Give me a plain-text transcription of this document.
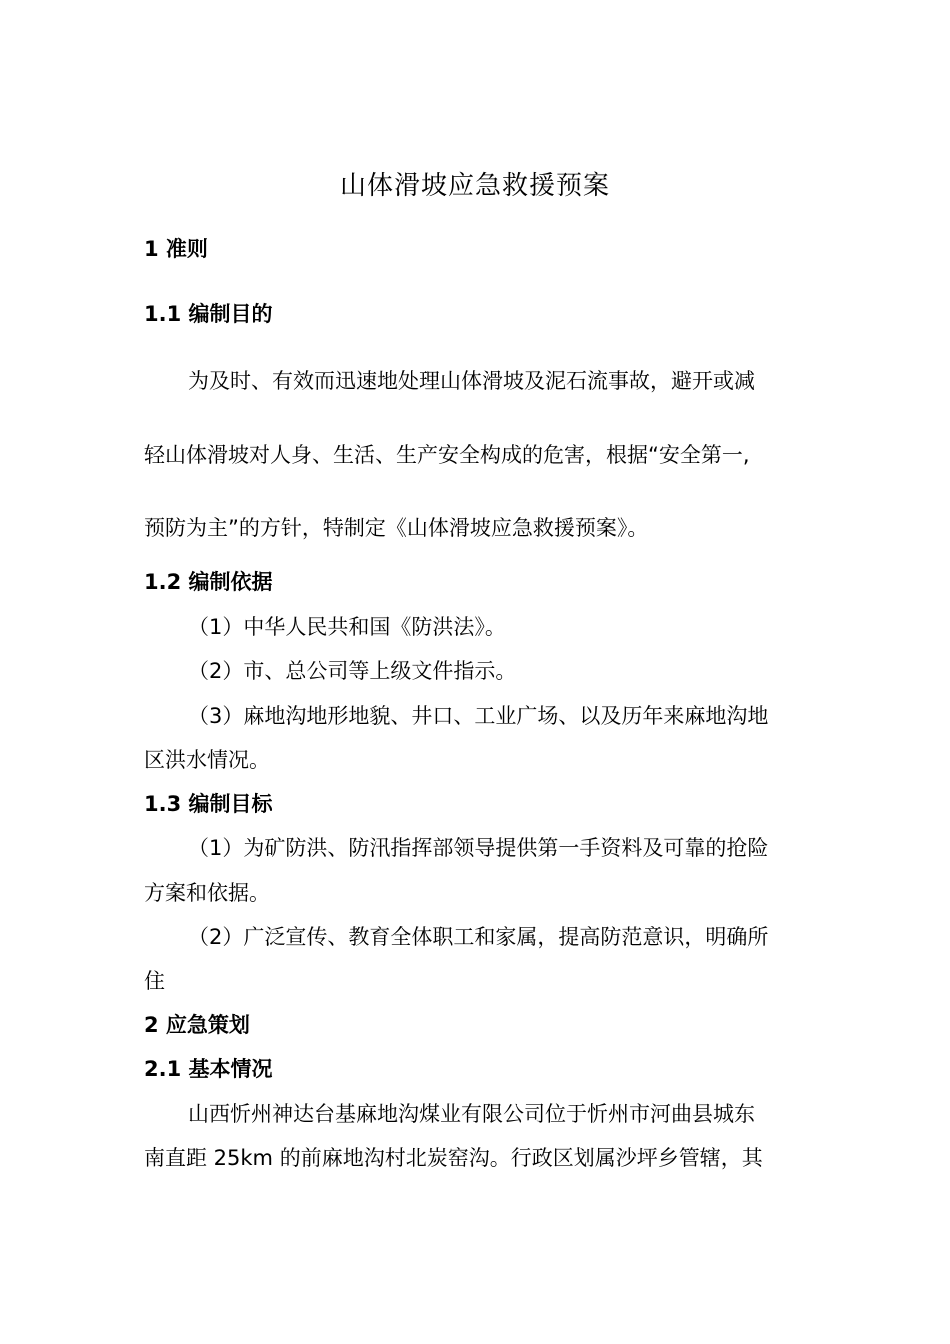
山体滑坡应急救援预案
1 准则
1.1 编制目的
为及时、有效而迅速地处理山体滑坡及泥石流事故，避开或减
轻山体滑坡对人身、生活、生产安全构成的危害，根据“安全第一,
预防为主”的方针，特制定《山体滑坡应急救援预案》。
1.2 编制依据
（1）中华人民共和国《防洪法》。
（2）市、总公司等上级文件指示。
（3）麻地沟地形地貌、井口、工业广场、以及历年来麻地沟地
区洪水情况。
1.3 编制目标
（1）为矿防洪、防汛指挥部领导提供第一手资料及可靠的抢险
方案和依据。
（2）广泛宣传、教育全体职工和家属，提高防范意识，明确所
住
2 应急策划
2.1 基本情况
山西忻州神达台基麻地沟煤业有限公司位于忻州市河曲县城东
南直距 25km 的前麻地沟村北炭窑沟。行政区划属沙坪乡管辖，其
